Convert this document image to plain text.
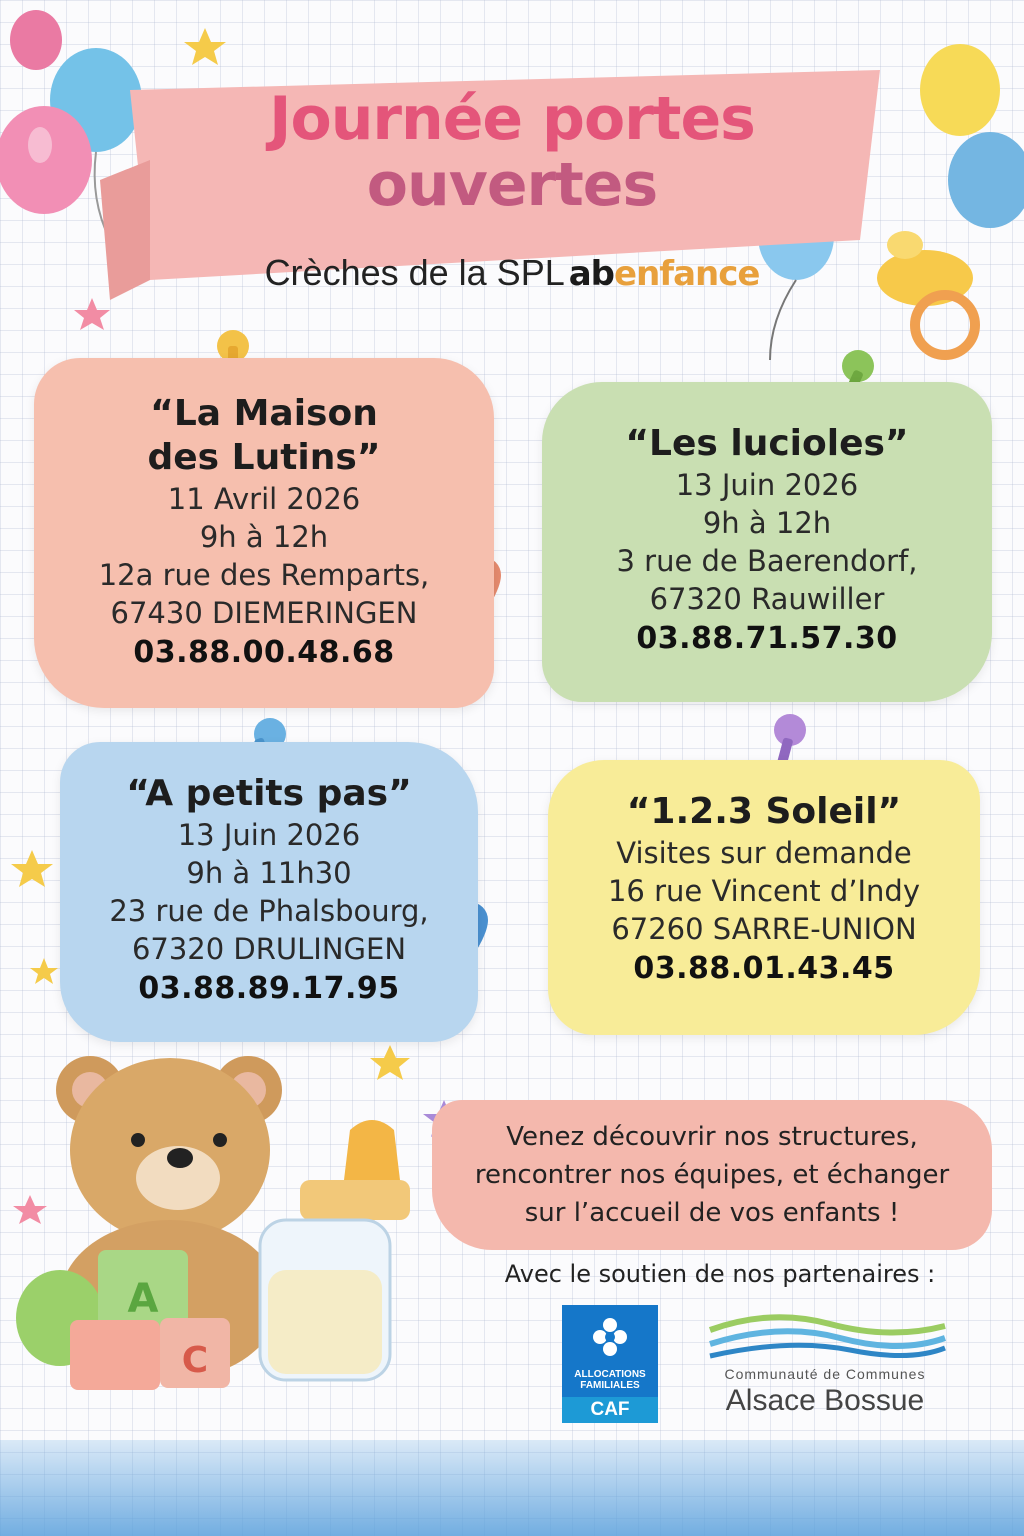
A
C
Journée portes
ouvertes
Crèches de la SPL abenfance
“La Maison
des Lutins”
11 Avril 2026
9h à 12h
12a rue des Remparts,
67430 DIEMERINGEN
03.88.00.48.68
“Les lucioles”
13 Juin 2026
9h à 12h
3 rue de Baerendorf,
67320 Rauwiller
03.88.71.57.30
“A petits pas”
13 Juin 2026
9h à 11h30
23 rue de Phalsbourg,
67320 DRULINGEN
03.88.89.17.95
“1.2.3 Soleil”
Visites sur demande
16 rue Vincent d’Indy
67260 SARRE-UNION
03.88.01.43.45
Venez découvrir nos structures,
rencontrer nos équipes, et échanger
sur l’accueil de vos enfants !
Avec le soutien de nos partenaires :
ALLOCATIONS
FAMILIALES
CAF
Communauté de Communes
Alsace Bossue
